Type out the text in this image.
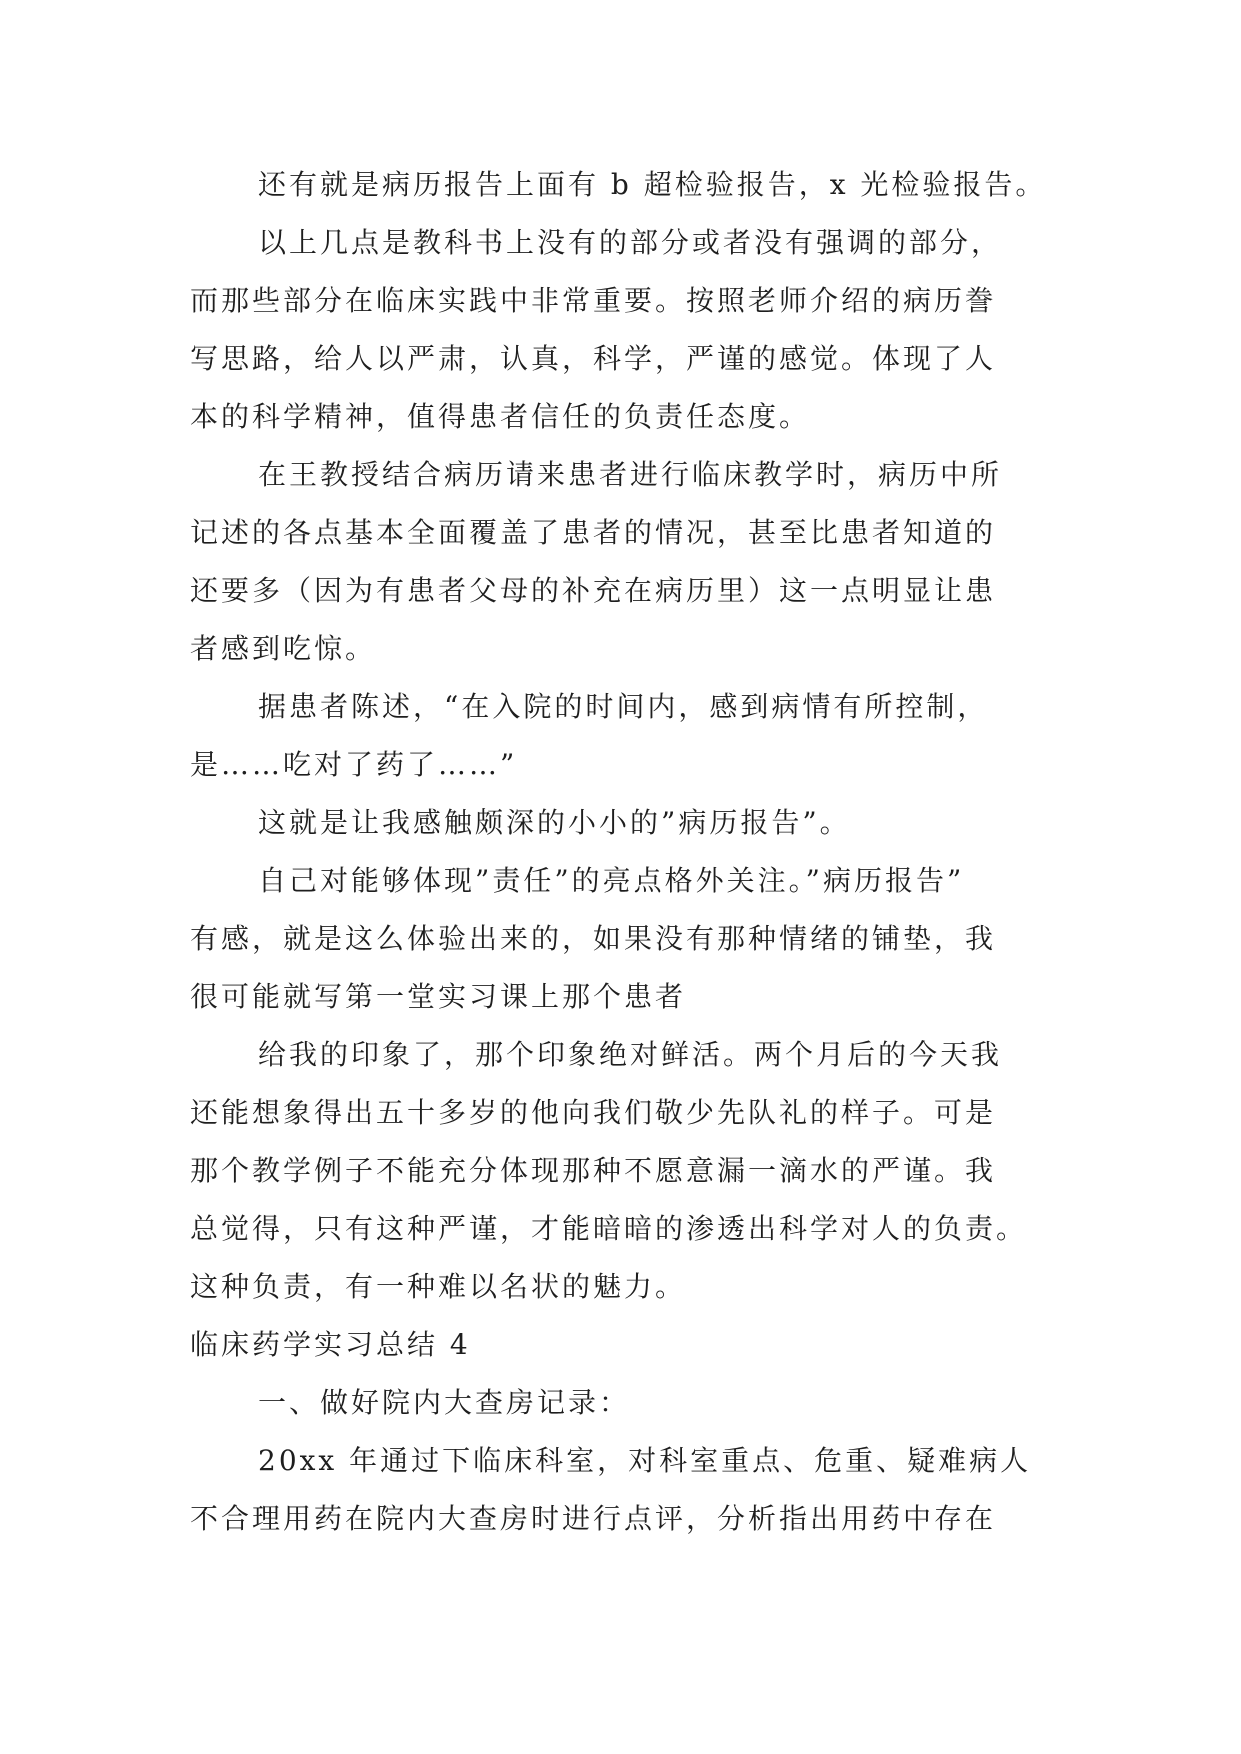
还有就是病历报告上面有 b 超检验报告，x 光检验报告。
以上几点是教科书上没有的部分或者没有强调的部分，
而那些部分在临床实践中非常重要。按照老师介绍的病历誊
写思路，给人以严肃，认真，科学，严谨的感觉。体现了人
本的科学精神，值得患者信任的负责任态度。
在王教授结合病历请来患者进行临床教学时，病历中所
记述的各点基本全面覆盖了患者的情况，甚至比患者知道的
还要多（因为有患者父母的补充在病历里）这一点明显让患
者感到吃惊。
据患者陈述，“在入院的时间内，感到病情有所控制，
是……吃对了药了……”
这就是让我感触颇深的小小的”病历报告”。
自己对能够体现”责任”的亮点格外关注。”病历报告”
有感，就是这么体验出来的，如果没有那种情绪的铺垫，我
很可能就写第一堂实习课上那个患者
给我的印象了，那个印象绝对鲜活。两个月后的今天我
还能想象得出五十多岁的他向我们敬少先队礼的样子。可是
那个教学例子不能充分体现那种不愿意漏一滴水的严谨。我
总觉得，只有这种严谨，才能暗暗的渗透出科学对人的负责。
这种负责，有一种难以名状的魅力。
临床药学实习总结 4
一、做好院内大查房记录：
20xx 年通过下临床科室，对科室重点、危重、疑难病人
不合理用药在院内大查房时进行点评，分析指出用药中存在
